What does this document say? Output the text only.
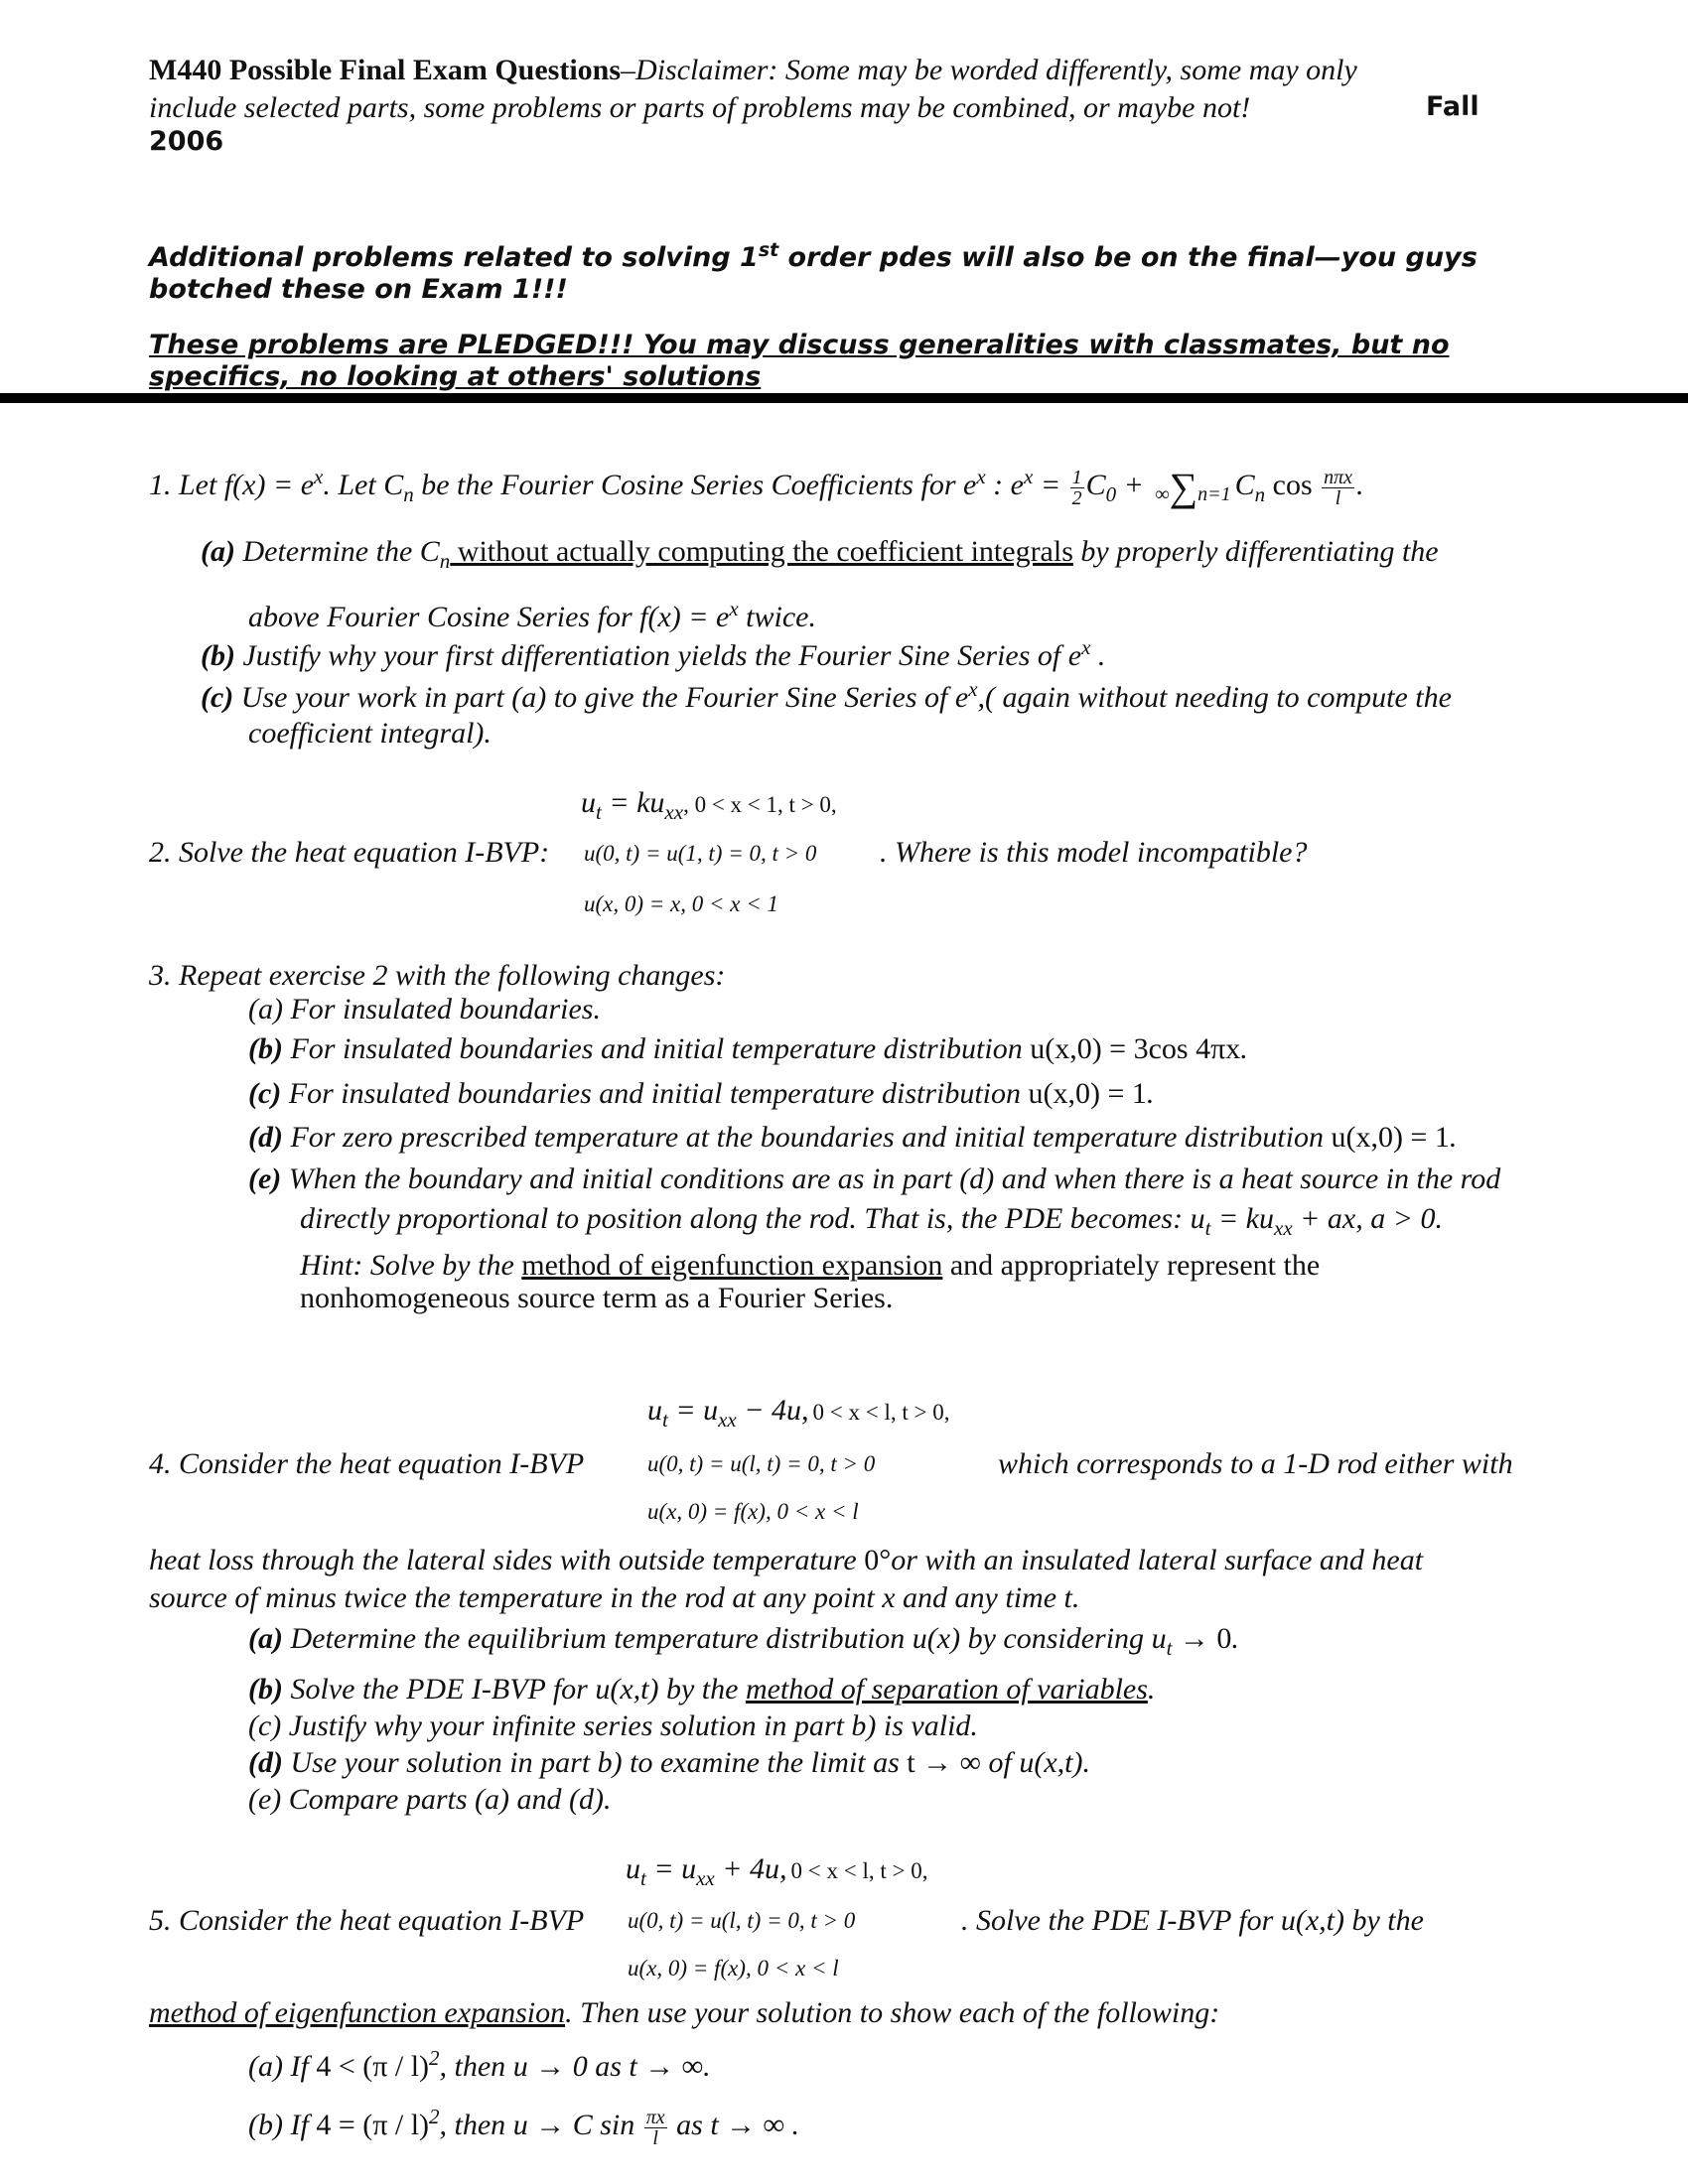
M440 Possible Final Exam Questions–Disclaimer: Some may be worded differently, some may only
include selected parts, some problems or parts of problems may be combined, or maybe not!	Fall
2006
Additional problems related to solving 1st order pdes will also be on the final—you guys
botched these on Exam 1!!!
These problems are PLEDGED!!! You may discuss generalities with classmates, but no
specifics, no looking at others' solutions
1. Let $f(x) = e^x$. Let $C_n$ be the Fourier Cosine Series Coefficients for $e^x$ : $e^x = \frac{1}{2} C_0 + \infty\sum n=1$ $C_n$ $\cos \frac{\text{nπx}}{l}$ .
(a) Determine the $C_n$ without actually computing the coefficient integrals by properly differentiating the
above Fourier Cosine Series for $f(x) = e^x$ twice.
(b) Justify why your first differentiation yields the Fourier Sine Series of $e^x$ .
(c) Use your work in part (a) to give the Fourier Sine Series of $e^x$,( again without needing to compute the
coefficient integral).
$u_t = ku_{xx}$, 0 < x < 1, t > 0,
2. Solve the heat equation I-BVP: u(0, t) = u(1, t) = 0, t > 0 . Where is this model incompatible?
u(x, 0) = x, 0 < x < 1
3. Repeat exercise 2 with the following changes:
(a) For insulated boundaries.
(b) For insulated boundaries and initial temperature distribution u(x,0) = 3cos 4πx.
(c) For insulated boundaries and initial temperature distribution u(x,0) = 1.
(d) For zero prescribed temperature at the boundaries and initial temperature distribution u(x,0) = 1.
(e) When the boundary and initial conditions are as in part (d) and when there is a heat source in the rod
directly proportional to position along the rod. That is, the PDE becomes: $u_t = ku_{xx}$ + ax, a > 0.
Hint: Solve by the method of eigenfunction expansion and appropriately represent the
nonhomogeneous source term as a Fourier Series.
$u_t = u_{xx} - 4u$, 0 < x < l, t > 0,
4. Consider the heat equation I-BVP	u(0, t) = u(l, t) = 0, t > 0	which corresponds to a 1-D rod either with
u(x, 0) = f(x), 0 < x < l
heat loss through the lateral sides with outside temperature 0°or with an insulated lateral surface and heat
source of minus twice the temperature in the rod at any point x and any time t.
(a) Determine the equilibrium temperature distribution u(x) by considering $u_t \to 0$.
(b) Solve the PDE I-BVP for u(x,t) by the method of separation of variables.
(c) Justify why your infinite series solution in part b) is valid.
(d) Use your solution in part b) to examine the limit as t → ∞ of u(x,t).
(e) Compare parts (a) and (d).
$u_t = u_{xx} + 4u$, 0 < x < l, t > 0,
5. Consider the heat equation I-BVP u(0, t) = u(l, t) = 0, t > 0	. Solve the PDE I-BVP for u(x,t) by the
u(x, 0) = f(x), 0 < x < l
method of eigenfunction expansion. Then use your solution to show each of the following:
(a) If 4 < (π / l)$^2$, then u → 0 as t → ∞.
(b) If 4 = (π / l)$^2$, then u → C $\sin \frac{\pi x}{l}$ as t → ∞ .
